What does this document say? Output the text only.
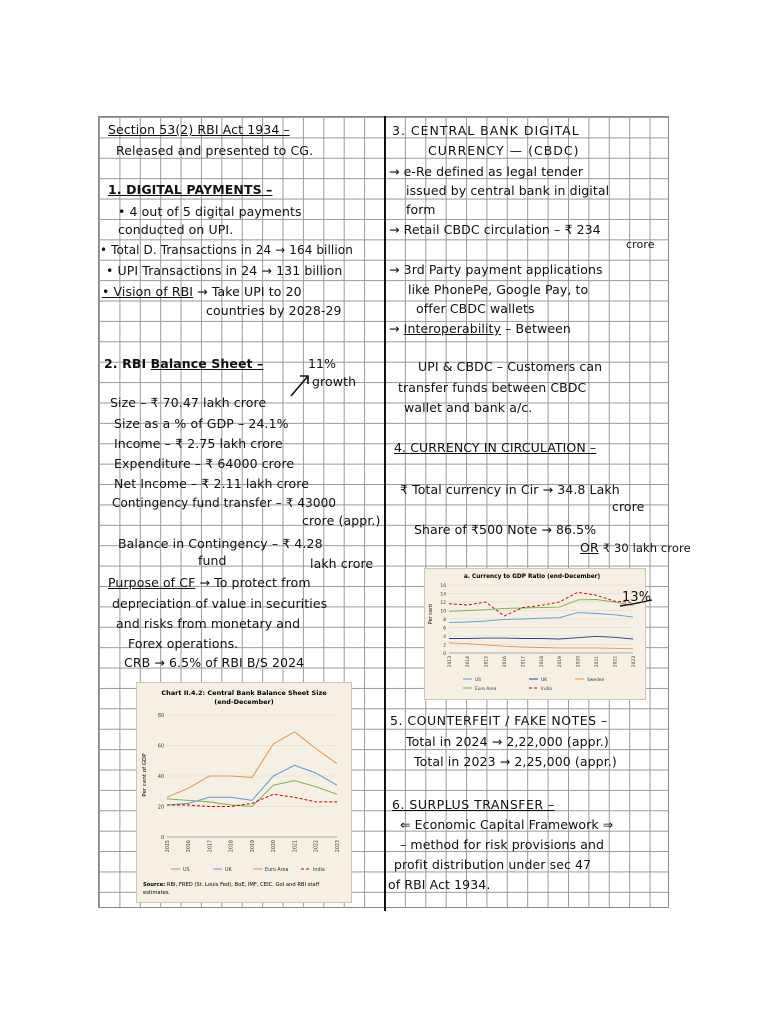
Section 53(2) RBI Act 1934 –
Released and presented to CG.
1. DIGITAL PAYMENTS –
• 4 out of 5 digital payments
conducted on UPI.
• Total D. Transactions in 24 → 164 billion
• UPI Transactions in 24 → 131 billion
• Vision of RBI → Take UPI to 20
countries by 2028-29
2. RBI Balance Sheet –	11%
growth
Size – ₹ 70.47 lakh crore
Size as a % of GDP – 24.1%
Income – ₹ 2.75 lakh crore
Expenditure – ₹ 64000 crore
Net Income – ₹ 2.11 lakh crore
Contingency fund transfer – ₹ 43000
crore (appr.)
Balance in Contingency – ₹ 4.28
fund	lakh crore
Purpose of CF → To protect from
depreciation of value in securities
and risks from monetary and
Forex operations.
CRB → 6.5% of RBI B/S 2024
Chart II.4.2: Central Bank Balance Sheet Size
(end-December)
Per cent of GDP
0
20
40
60
80
2015	2016	2017	2018	2019	2020	2021	2022	2023
US	UK	Euro Area	India
Source: RBI, FRED (St. Louis Fed), BoE, IMF, CEIC, GoI and RBI staff
estimates.
3. CENTRAL BANK DIGITAL
CURRENCY — (CBDC)
→ e-Re defined as legal tender
issued by central bank in digital
form
→ Retail CBDC circulation – ₹ 234
crore
→ 3rd Party payment applications
like PhonePe, Google Pay, to
offer CBDC wallets
→ Interoperability – Between
UPI & CBDC – Customers can
transfer funds between CBDC
wallet and bank a/c.
4. CURRENCY IN CIRCULATION –
₹ Total currency in Cir → 34.8 Lakh
crore
Share of ₹500 Note → 86.5%
OR ₹ 30 lakh crore
a. Currency to GDP Ratio (end-December)
Per cent
0
2
4
6
8
10
12
14
16
2013	2014	2015	2016	2017	2018	2019	2020	2021	2022	2023
US	UK	Sweden
Euro Area	India
13%
5. COUNTERFEIT / FAKE NOTES –
Total in 2024 → 2,22,000 (appr.)
Total in 2023 → 2,25,000 (appr.)
6. SURPLUS TRANSFER –
⇐ Economic Capital Framework ⇒
– method for risk provisions and
profit distribution under sec 47
of RBI Act 1934.
